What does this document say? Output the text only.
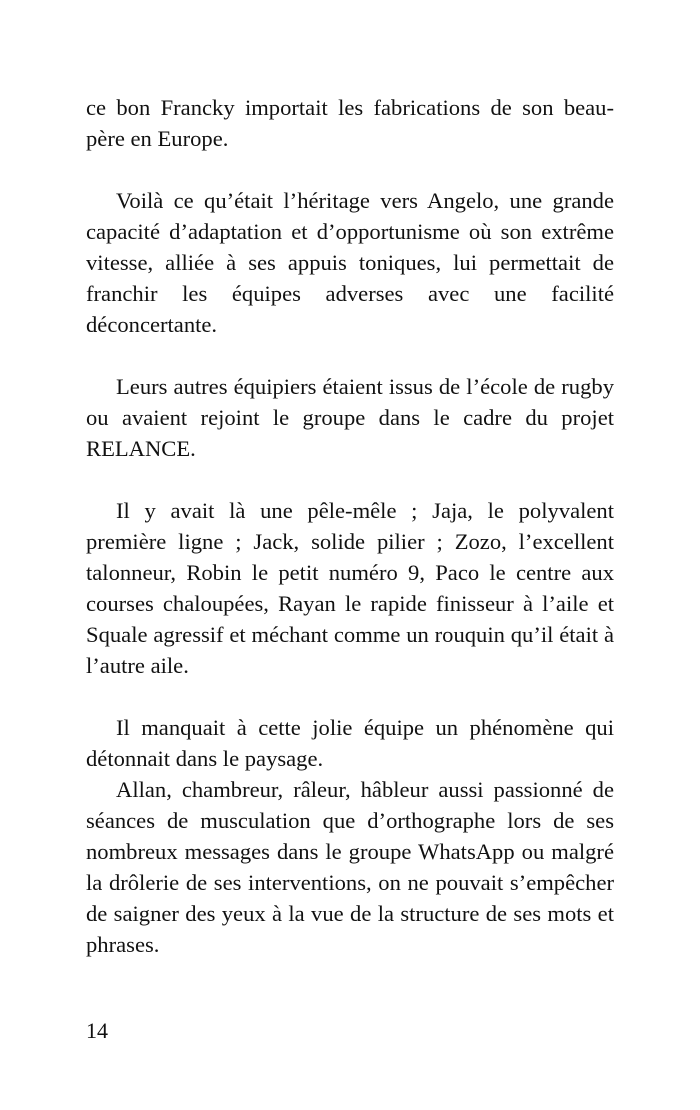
ce bon Francky importait les fabrications de son beau-père en Europe.

Voilà ce qu’était l’héritage vers Angelo, une grande capacité d’adaptation et d’opportunisme où son extrême vitesse, alliée à ses appuis toniques, lui permettait de franchir les équipes adverses avec une facilité déconcertante.

Leurs autres équipiers étaient issus de l’école de rugby ou avaient rejoint le groupe dans le cadre du projet RELANCE.

Il y avait là une pêle-mêle ; Jaja, le polyvalent première ligne ; Jack, solide pilier ; Zozo, l’excellent talonneur, Robin le petit numéro 9, Paco le centre aux courses chaloupées, Rayan le rapide finisseur à l’aile et Squale agressif et méchant comme un rouquin qu’il était à l’autre aile.

Il manquait à cette jolie équipe un phénomène qui détonnait dans le paysage.

Allan, chambreur, râleur, hâbleur aussi passionné de séances de musculation que d’orthographe lors de ses nombreux messages dans le groupe WhatsApp ou malgré la drôlerie de ses interventions, on ne pouvait s’empêcher de saigner des yeux à la vue de la structure de ses mots et phrases.

14
